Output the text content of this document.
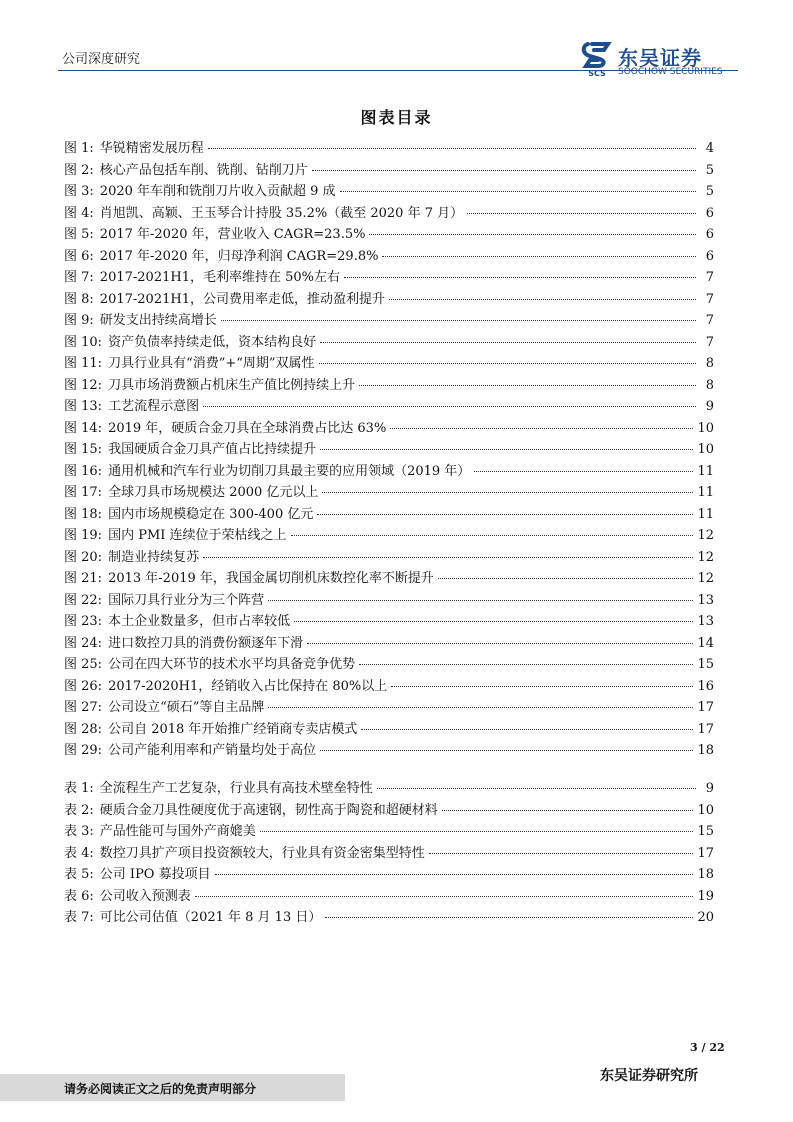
公司深度研究
SCS
东吴证券
SOOCHOW SECURITIES
图表目录
图 1: 华锐精密发展历程	4
图 2: 核心产品包括车削、铣削、钻削刀片	5
图 3: 2020 年车削和铣削刀片收入贡献超 9 成	5
图 4: 肖旭凯、高颖、王玉琴合计持股 35.2%（截至 2020 年 7 月）	6
图 5: 2017 年-2020 年，营业收入 CAGR=23.5%	6
图 6: 2017 年-2020 年，归母净利润 CAGR=29.8%	6
图 7: 2017-2021H1，毛利率维持在 50%左右	7
图 8: 2017-2021H1，公司费用率走低，推动盈利提升	7
图 9: 研发支出持续高增长	7
图 10: 资产负债率持续走低，资本结构良好	7
图 11: 刀具行业具有“消费”+“周期”双属性	8
图 12: 刀具市场消费额占机床生产值比例持续上升	8
图 13: 工艺流程示意图	9
图 14: 2019 年，硬质合金刀具在全球消费占比达 63%	10
图 15: 我国硬质合金刀具产值占比持续提升	10
图 16: 通用机械和汽车行业为切削刀具最主要的应用领域（2019 年）	11
图 17: 全球刀具市场规模达 2000 亿元以上	11
图 18: 国内市场规模稳定在 300-400 亿元	11
图 19: 国内 PMI 连续位于荣枯线之上	12
图 20: 制造业持续复苏	12
图 21: 2013 年-2019 年，我国金属切削机床数控化率不断提升	12
图 22: 国际刀具行业分为三个阵营	13
图 23: 本土企业数量多，但市占率较低	13
图 24: 进口数控刀具的消费份额逐年下滑	14
图 25: 公司在四大环节的技术水平均具备竞争优势	15
图 26: 2017-2020H1，经销收入占比保持在 80%以上	16
图 27: 公司设立“硕石”等自主品牌	17
图 28: 公司自 2018 年开始推广经销商专卖店模式	17
图 29: 公司产能利用率和产销量均处于高位	18
表 1: 全流程生产工艺复杂，行业具有高技术壁垒特性	9
表 2: 硬质合金刀具性硬度优于高速钢，韧性高于陶瓷和超硬材料	10
表 3: 产品性能可与国外产商媲美	15
表 4: 数控刀具扩产项目投资额较大，行业具有资金密集型特性	17
表 5: 公司 IPO 募投项目	18
表 6: 公司收入预测表	19
表 7: 可比公司估值（2021 年 8 月 13 日）	20
3 / 22
请务必阅读正文之后的免责声明部分
东吴证券研究所
